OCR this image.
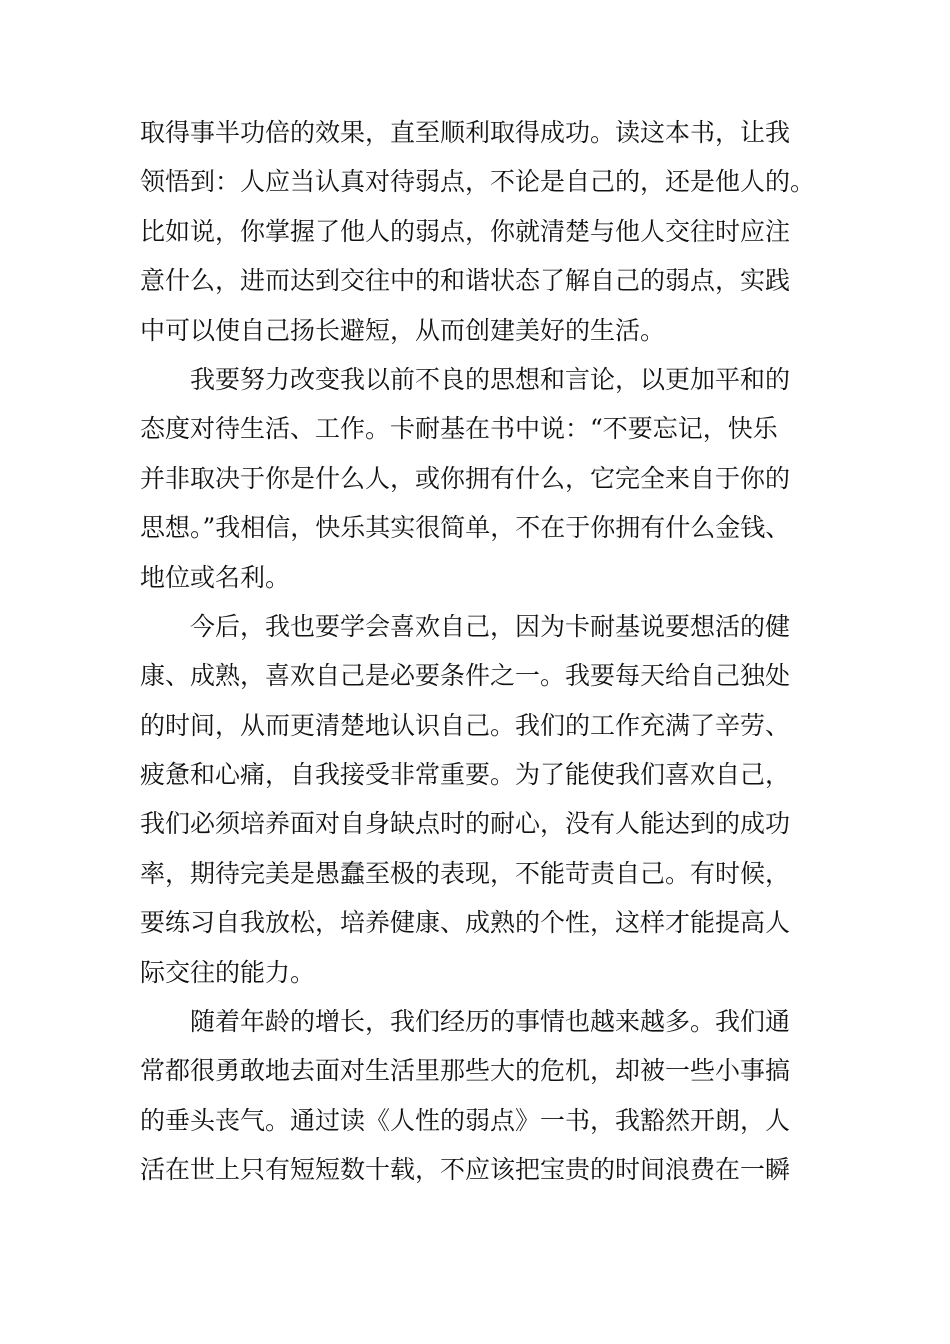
取得事半功倍的效果，直至顺利取得成功。读这本书，让我
领悟到：人应当认真对待弱点，不论是自己的，还是他人的。
比如说，你掌握了他人的弱点，你就清楚与他人交往时应注
意什么，进而达到交往中的和谐状态了解自己的弱点，实践
中可以使自己扬长避短，从而创建美好的生活。
我要努力改变我以前不良的思想和言论，以更加平和的
态度对待生活、工作。卡耐基在书中说：“不要忘记，快乐
并非取决于你是什么人，或你拥有什么，它完全来自于你的
思想。”我相信，快乐其实很简单，不在于你拥有什么金钱、
地位或名利。
今后，我也要学会喜欢自己，因为卡耐基说要想活的健
康、成熟，喜欢自己是必要条件之一。我要每天给自己独处
的时间，从而更清楚地认识自己。我们的工作充满了辛劳、
疲惫和心痛，自我接受非常重要。为了能使我们喜欢自己，
我们必须培养面对自身缺点时的耐心，没有人能达到的成功
率，期待完美是愚蠢至极的表现，不能苛责自己。有时候，
要练习自我放松，培养健康、成熟的个性，这样才能提高人
际交往的能力。
随着年龄的增长，我们经历的事情也越来越多。我们通
常都很勇敢地去面对生活里那些大的危机，却被一些小事搞
的垂头丧气。通过读《人性的弱点》一书，我豁然开朗，人
活在世上只有短短数十载，不应该把宝贵的时间浪费在一瞬
